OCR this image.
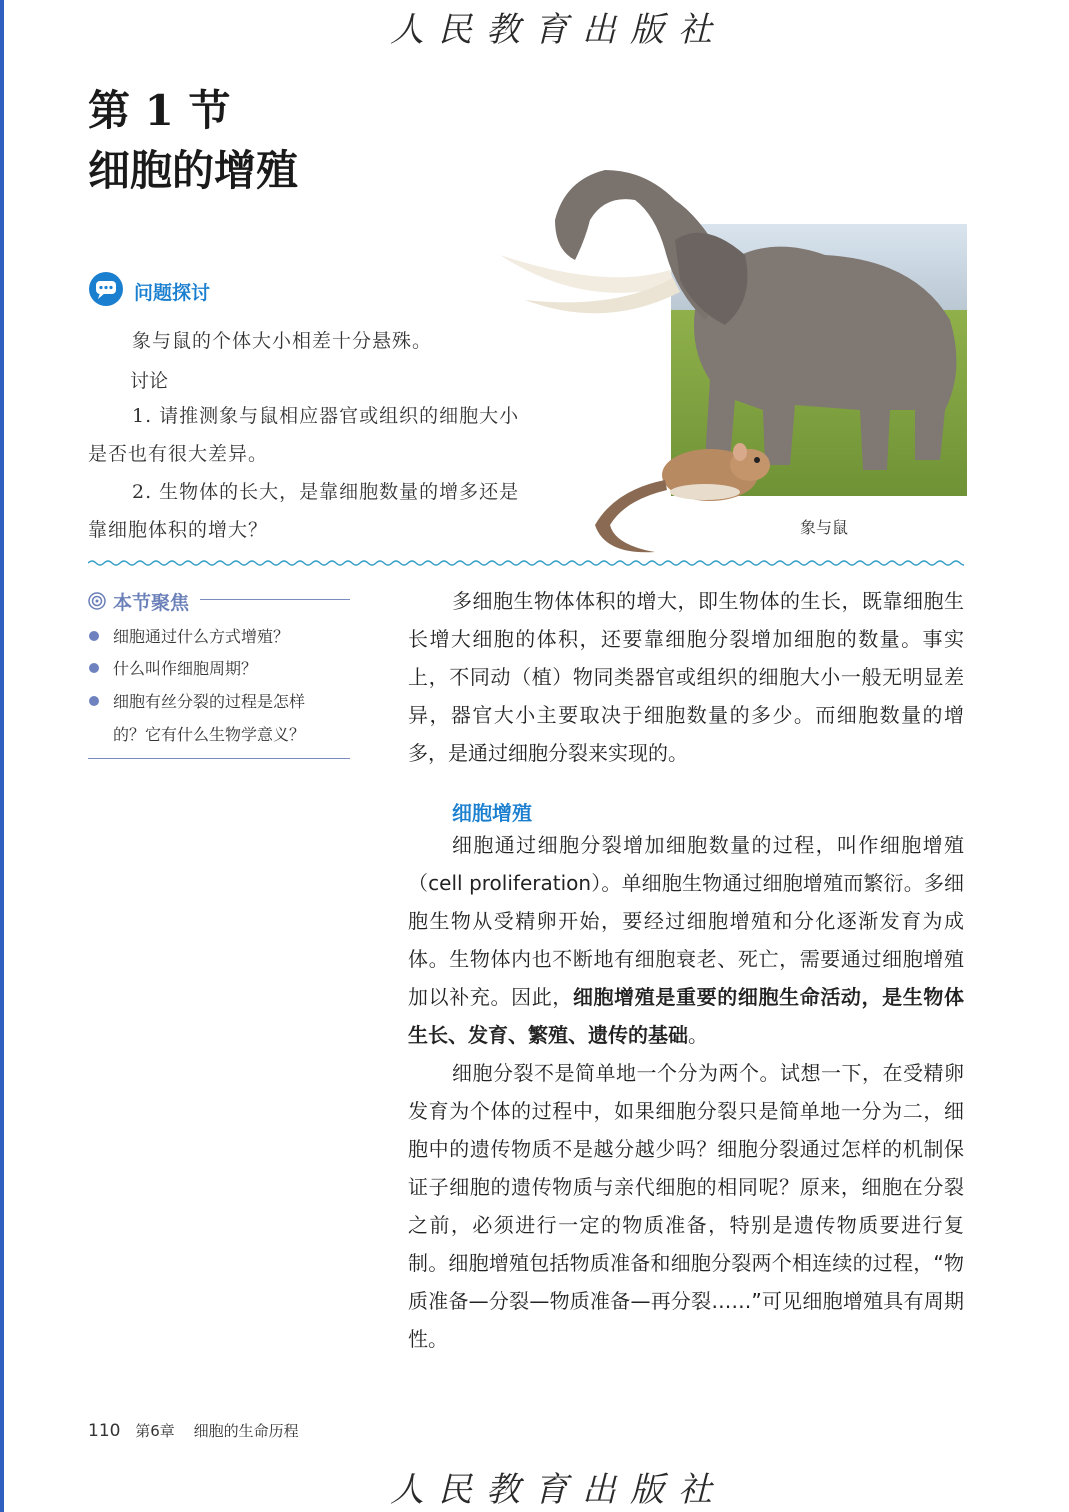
人民教育出版社
第 1 节
细胞的增殖
问题探讨
象与鼠的个体大小相差十分悬殊。
讨论
1. 请推测象与鼠相应器官或组织的细胞大小
是否也有很大差异。
2. 生物体的长大，是靠细胞数量的增多还是
靠细胞体积的增大？	象与鼠
本节聚焦
细胞通过什么方式增殖？
什么叫作细胞周期？
细胞有丝分裂的过程是怎样
的？它有什么生物学意义？

多细胞生物体体积的增大，即生物体的生长，既靠细胞生长增大细胞的体积，还要靠细胞分裂增加细胞的数量。事实上，不同动（植）物同类器官或组织的细胞大小一般无明显差异，器官大小主要取决于细胞数量的多少。而细胞数量的增多，是通过细胞分裂来实现的。

细胞增殖

细胞通过细胞分裂增加细胞数量的过程，叫作细胞增殖（cell proliferation）。单细胞生物通过细胞增殖而繁衍。多细胞生物从受精卵开始，要经过细胞增殖和分化逐渐发育为成体。生物体内也不断地有细胞衰老、死亡，需要通过细胞增殖加以补充。因此，细胞增殖是重要的细胞生命活动，是生物体生长、发育、繁殖、遗传的基础。

细胞分裂不是简单地一个分为两个。试想一下，在受精卵发育为个体的过程中，如果细胞分裂只是简单地一分为二，细胞中的遗传物质不是越分越少吗？细胞分裂通过怎样的机制保证子细胞的遗传物质与亲代细胞的相同呢？原来，细胞在分裂之前，必须进行一定的物质准备，特别是遗传物质要进行复制。细胞增殖包括物质准备和细胞分裂两个相连续的过程，“物质准备—分裂—物质准备—再分裂……”可见细胞增殖具有周期性。

110 第6章 细胞的生命历程
人民教育出版社
